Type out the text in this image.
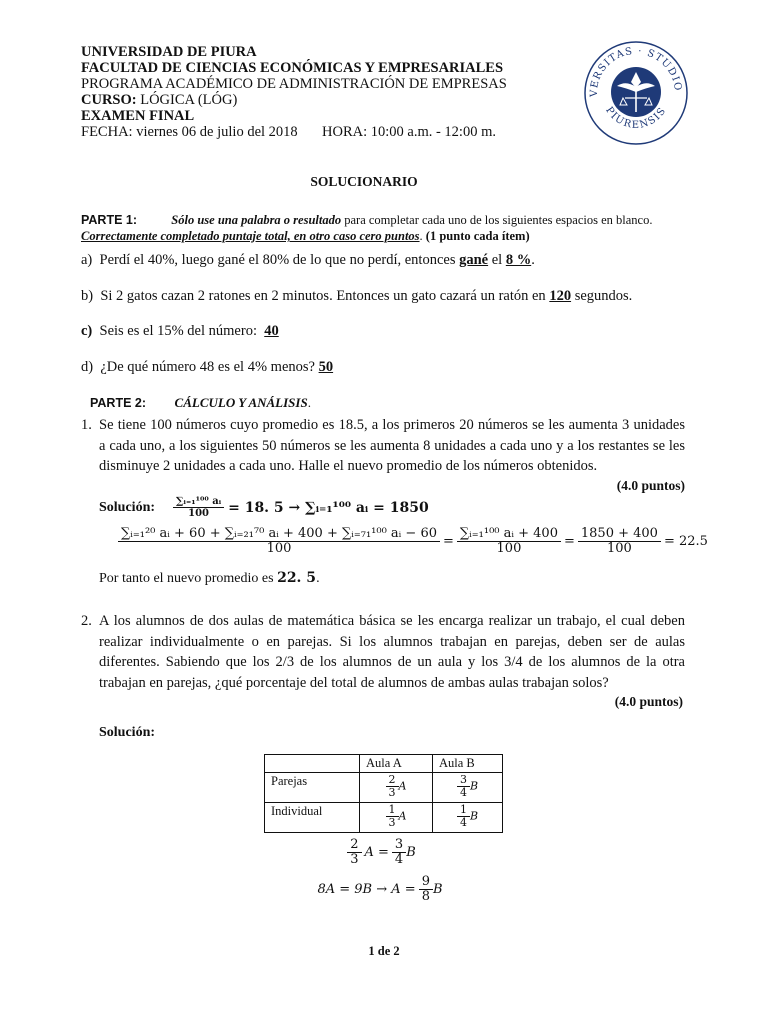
UNIVERSIDAD DE PIURA
FACULTAD DE CIENCIAS ECONÓMICAS Y EMPRESARIALES
PROGRAMA ACADÉMICO DE ADMINISTRACIÓN DE EMPRESAS
CURSO: LÓGICA (LÓG)
EXAMEN FINAL
FECHA: viernes 06 de julio del 2018 HORA: 10:00 a.m. - 12:00 m.
VERSITAS · STUDIO
PIURENSIS
SOLUCIONARIO
PARTE 1:	Sólo use una palabra o resultado para completar cada uno de los siguientes espacios en blanco.
Correctamente completado puntaje total, en otro caso cero puntos. (1 punto cada ítem)
a) Perdí el 40%, luego gané el 80% de lo que no perdí, entonces gané el 8 %.
b) Si 2 gatos cazan 2 ratones en 2 minutos. Entonces un gato cazará un ratón en 120 segundos.
c) Seis es el 15% del número:  40
d) ¿De qué número 48 es el 4% menos? 50
PARTE 2: CÁLCULO Y ANÁLISIS.
1. Se tiene 100 números cuyo promedio es 18.5, a los primeros 20 números se les aumenta 3 unidades a cada uno, a los siguientes 50 números se les aumenta 8 unidades a cada uno y a los restantes se les disminuye 2 unidades a cada uno. Halle el nuevo promedio de los números obtenidos.
(4.0 puntos)
Solución: $\frac{\text{∑ᵢ₌₁¹⁰⁰ aᵢ}}{100} = 18$. 5 → ∑ᵢ₌₁¹⁰⁰ aᵢ = 1850
$\frac{\text{∑ᵢ₌₁²⁰ aᵢ + 60 + ∑ᵢ₌₂₁⁷⁰ aᵢ + 400 + ∑ᵢ₌₇₁¹⁰⁰ aᵢ − 60}}{100} = \frac{\text{∑ᵢ₌₁¹⁰⁰ aᵢ + 400}}{100} = \frac{1850 + 400}{100} = 22.5$
Por tanto el nuevo promedio es 22. 5.
2. A los alumnos de dos aulas de matemática básica se les encarga realizar un trabajo, el cual deben realizar individualmente o en parejas. Si los alumnos trabajan en parejas, deben ser de aulas diferentes. Sabiendo que los 2/3 de los alumnos de un aula y los 3/4 de los alumnos de la otra trabajan en parejas, ¿qué porcentaje del total de alumnos de ambas aulas trabajan solos?
(4.0 puntos)
Solución:
	Aula A	Aula B
Parejas	$\frac{2}{3}$ A	$\frac{3}{4}$ B
Individual	$\frac{1}{3}$ A	$\frac{1}{4}$ B
$\frac{2}{3}$ $A = \frac{3}{4}$ B
$8A = 9B \to A = \frac{9}{8}$ B
1 de 2
